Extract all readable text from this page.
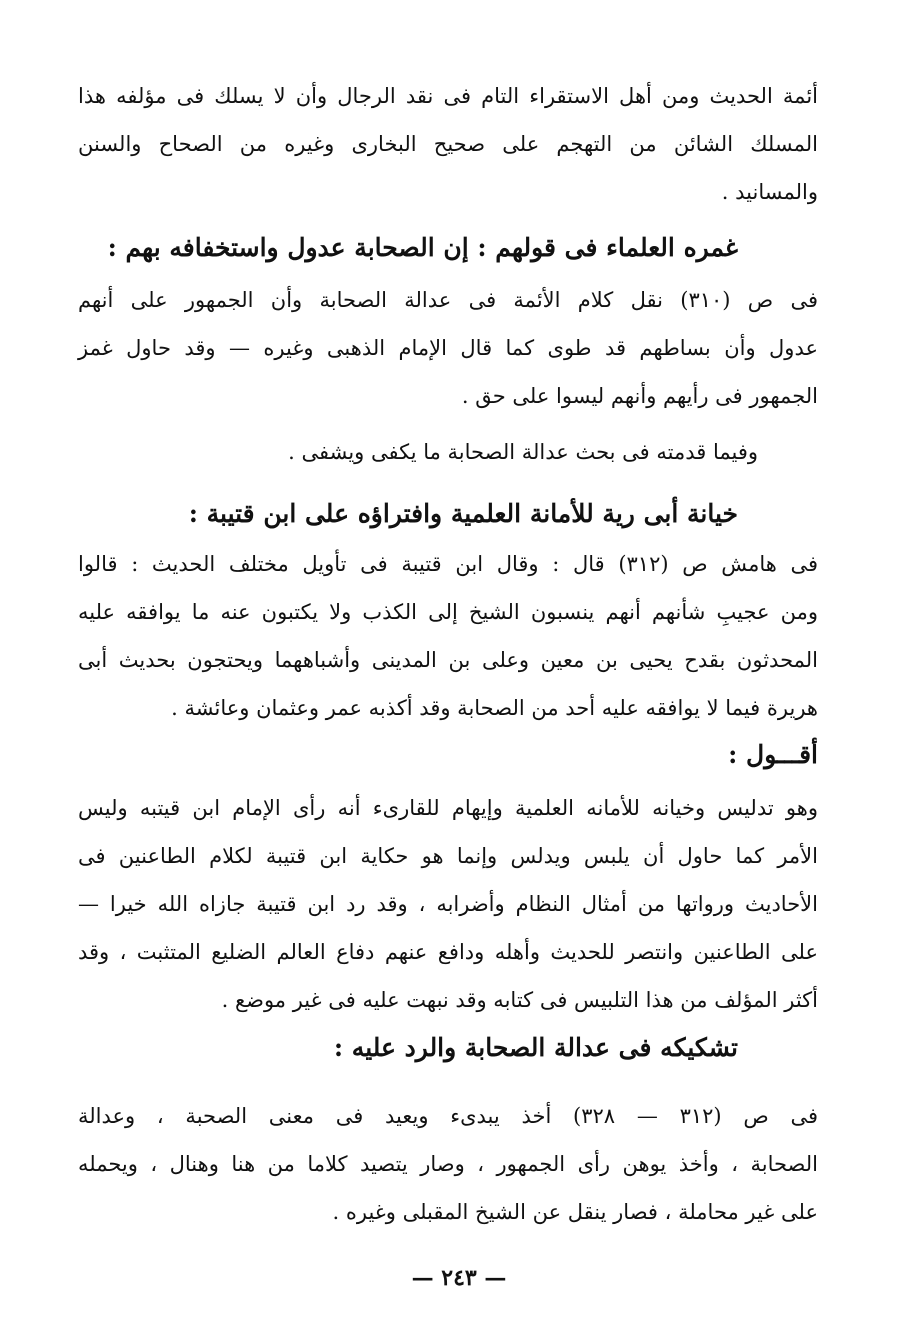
أئمة الحديث ومن أهل الاستقراء التام فى نقد الرجال وأن لا يسلك فى مؤلفه هذا
المسلك الشائن من التهجم على صحيح البخارى وغيره من الصحاح والسنن
والمسانيد .
غمره العلماء فى قولهم : إن الصحابة عدول واستخفافه بهم :
فى ص (٣١٠) نقل كلام الأئمة فى عدالة الصحابة وأن الجمهور على أنهم
عدول وأن بساطهم قد طوى كما قال الإمام الذهبى وغيره — وقد حاول غمز
الجمهور فى رأيهم وأنهم ليسوا على حق .
وفيما قدمته فى بحث عدالة الصحابة ما يكفى ويشفى .
خيانة أبى رية للأمانة العلمية وافتراؤه على ابن قتيبة :
فى هامش ص (٣١٢) قال : وقال ابن قتيبة فى تأويل مختلف الحديث : قالوا
ومن عجيبِ شأنهم أنهم ينسبون الشيخ إلى الكذب ولا يكتبون عنه ما يوافقه عليه
المحدثون بقدح يحيى بن معين وعلى بن المدينى وأشباههما ويحتجون بحديث أبى
هريرة فيما لا يوافقه عليه أحد من الصحابة وقد أكذبه عمر وعثمان وعائشة .
أقـــول :
وهو تدليس وخيانه للأمانه العلمية وإيهام للقارىء أنه رأى الإمام ابن قيتبه وليس
الأمر كما حاول أن يلبس ويدلس وإنما هو حكاية ابن قتيبة لكلام الطاعنين فى
الأحاديث ورواتها من أمثال النظام وأضرابه ، وقد رد ابن قتيبة جازاه الله خيرا —
على الطاعنين وانتصر للحديث وأهله ودافع عنهم دفاع العالم الضليع المتثبت ، وقد
أكثر المؤلف من هذا التلبيس فى كتابه وقد نبهت عليه فى غير موضع .
تشكيكه فى عدالة الصحابة والرد عليه :
فى ص (٣١٢ — ٣٢٨) أخذ يبدىء ويعيد فى معنى الصحبة ، وعدالة
الصحابة ، وأخذ يوهن رأى الجمهور ، وصار يتصيد كلاما من هنا وهنال ، ويحمله
على غير محاملة ، فصار ينقل عن الشيخ المقبلى وغيره .
— ٢٤٣ —
